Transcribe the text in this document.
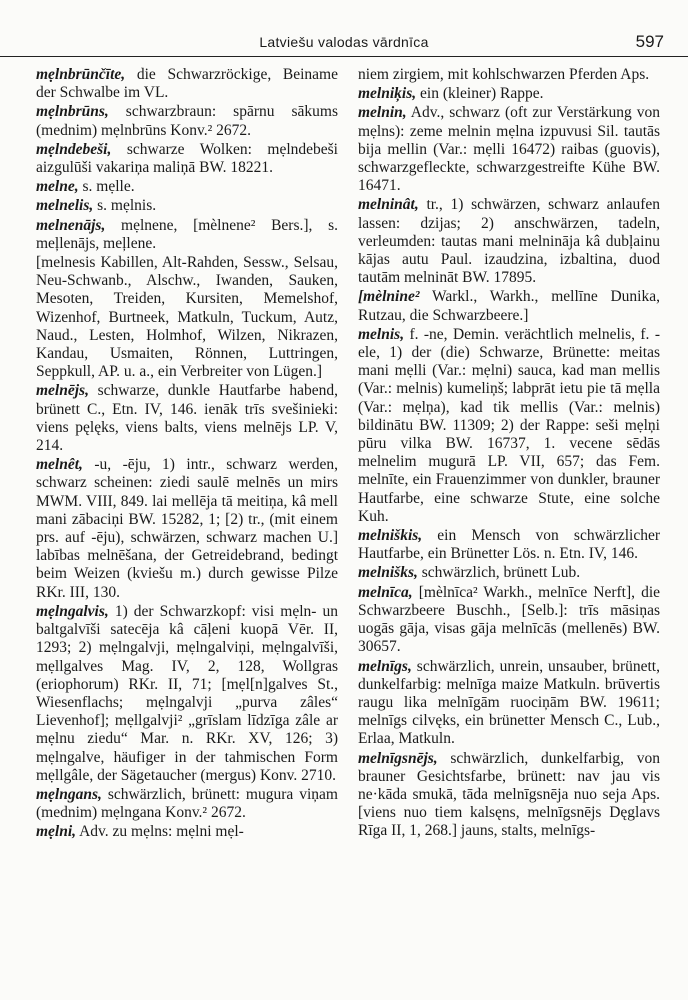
Latviešu valodas vārdnīca	597

mẹlnbrūnčīte, die Schwarzröckige, Beiname der Schwalbe im VL.

mẹlnbrūns, schwarzbraun: spārnu sākums (mednim) mẹlnbrūns Konv.² 2672.

mẹlndebeši, schwarze Wolken: mẹlndebeši aizgulūši vakariņa maliņā BW. 18221.

melne, s. mẹlle.

melnelis, s. mẹlnis.

melnenājs, mẹlnene, [mèlnene² Bers.], s. meļlenājs, meļlene.

[melnesis Kabillen, Alt-Rahden, Sessw., Selsau, Neu-Schwanb., Alschw., Iwanden, Sauken, Mesoten, Treiden, Kursiten, Memelshof, Wizenhof, Burtneek, Matkuln, Tuckum, Autz, Naud., Lesten, Holmhof, Wilzen, Nikrazen, Kandau, Usmaiten, Rönnen, Luttringen, Seppkull, AP. u. a., ein Verbreiter von Lügen.]

melnējs, schwarze, dunkle Hautfarbe habend, brünett C., Etn. IV, 146. ienāk trīs svešinieki: viens pęlęks, viens balts, viens melnējs LP. V, 214.

melnêt, -u, -ēju, 1) intr., schwarz werden, schwarz scheinen: ziedi saulē melnēs un mirs MWM. VIII, 849. lai mellēja tā meitiņa, kâ mell mani zābaciņi BW. 15282, 1; [2) tr., (mit einem prs. auf -ēju), schwärzen, schwarz machen U.] labības melnēšana, der Getreidebrand, bedingt beim Weizen (kviešu m.) durch gewisse Pilze RKr. III, 130.

mẹlngalvis, 1) der Schwarzkopf: visi mẹln- un baltgalvīši satecēja kâ cāļeni kuopā Vēr. II, 1293; 2) mẹlngalvji, mẹlngalviņi, mẹlngalvīši, mẹllgalves Mag. IV, 2, 128, Wollgras (eriophorum) RKr. II, 71; [mẹl[n]galves St., Wiesenflachs; mẹlngalvji „purva zâles“ Lievenhof]; mẹllgalvji² „grīslam līdzīga zâle ar mẹlnu ziedu“ Mar. n. RKr. XV, 126; 3) mẹlngalve, häufiger in der tahmischen Form mẹllgâle, der Sägetaucher (mergus) Konv. 2710.

mẹlngans, schwärzlich, brünett: mugura viņam (mednim) mẹlngana Konv.² 2672.

mẹlni, Adv. zu mẹlns: mẹlni mẹl-

niem zirgiem, mit kohlschwarzen Pferden Aps.

melniķis, ein (kleiner) Rappe.

melnin, Adv., schwarz (oft zur Verstärkung von mẹlns): zeme melnin mẹlna izpuvusi Sil. tautās bija mellin (Var.: mẹlli 16472) raibas (guovis), schwarzgefleckte, schwarzgestreifte Kühe BW. 16471.

melninât, tr., 1) schwärzen, schwarz anlaufen lassen: dzijas; 2) anschwärzen, tadeln, verleumden: tautas mani melnināja kâ dubļainu kājas autu Paul. izaudzina, izbaltina, duod tautām melnināt BW. 17895.

[mèlnine² Warkl., Warkh., mellīne Dunika, Rutzau, die Schwarzbeere.]

melnis, f. -ne, Demin. verächtlich melnelis, f. -ele, 1) der (die) Schwarze, Brünette: meitas mani mẹlli (Var.: mẹlni) sauca, kad man mellis (Var.: melnis) kumeliņš; labprāt ietu pie tā mẹlla (Var.: mẹlņa), kad tik mellis (Var.: melnis) bildinātu BW. 11309; 2) der Rappe: seši mẹlņi pūru vilka BW. 16737, 1. vecene sēdās melnelim mugurā LP. VII, 657; das Fem. melnīte, ein Frauenzimmer von dunkler, brauner Hautfarbe, eine schwarze Stute, eine solche Kuh.

melniškis, ein Mensch von schwärzlicher Hautfarbe, ein Brünetter Lös. n. Etn. IV, 146.

melnišks, schwärzlich, brünett Lub.

melnīca, [mèlnīca² Warkh., melnīce Nerft], die Schwarzbeere Buschh., [Selb.]: trīs māsiņas uogās gāja, visas gāja melnīcās (mellenēs) BW. 30657.

melnīgs, schwärzlich, unrein, unsauber, brünett, dunkelfarbig: melnīga maize Matkuln. brūvertis raugu lika melnīgām ruociņām BW. 19611; melnīgs cilvęks, ein brünetter Mensch C., Lub., Erlaa, Matkuln.

melnīgsnējs, schwärzlich, dunkelfarbig, von brauner Gesichtsfarbe, brünett: nav jau vis ne·kāda smukā, tāda melnīgsnēja nuo seja Aps. [viens nuo tiem kalsęns, melnīgsnējs Dęglavs Rīga II, 1, 268.] jauns, stalts, melnīgs-
